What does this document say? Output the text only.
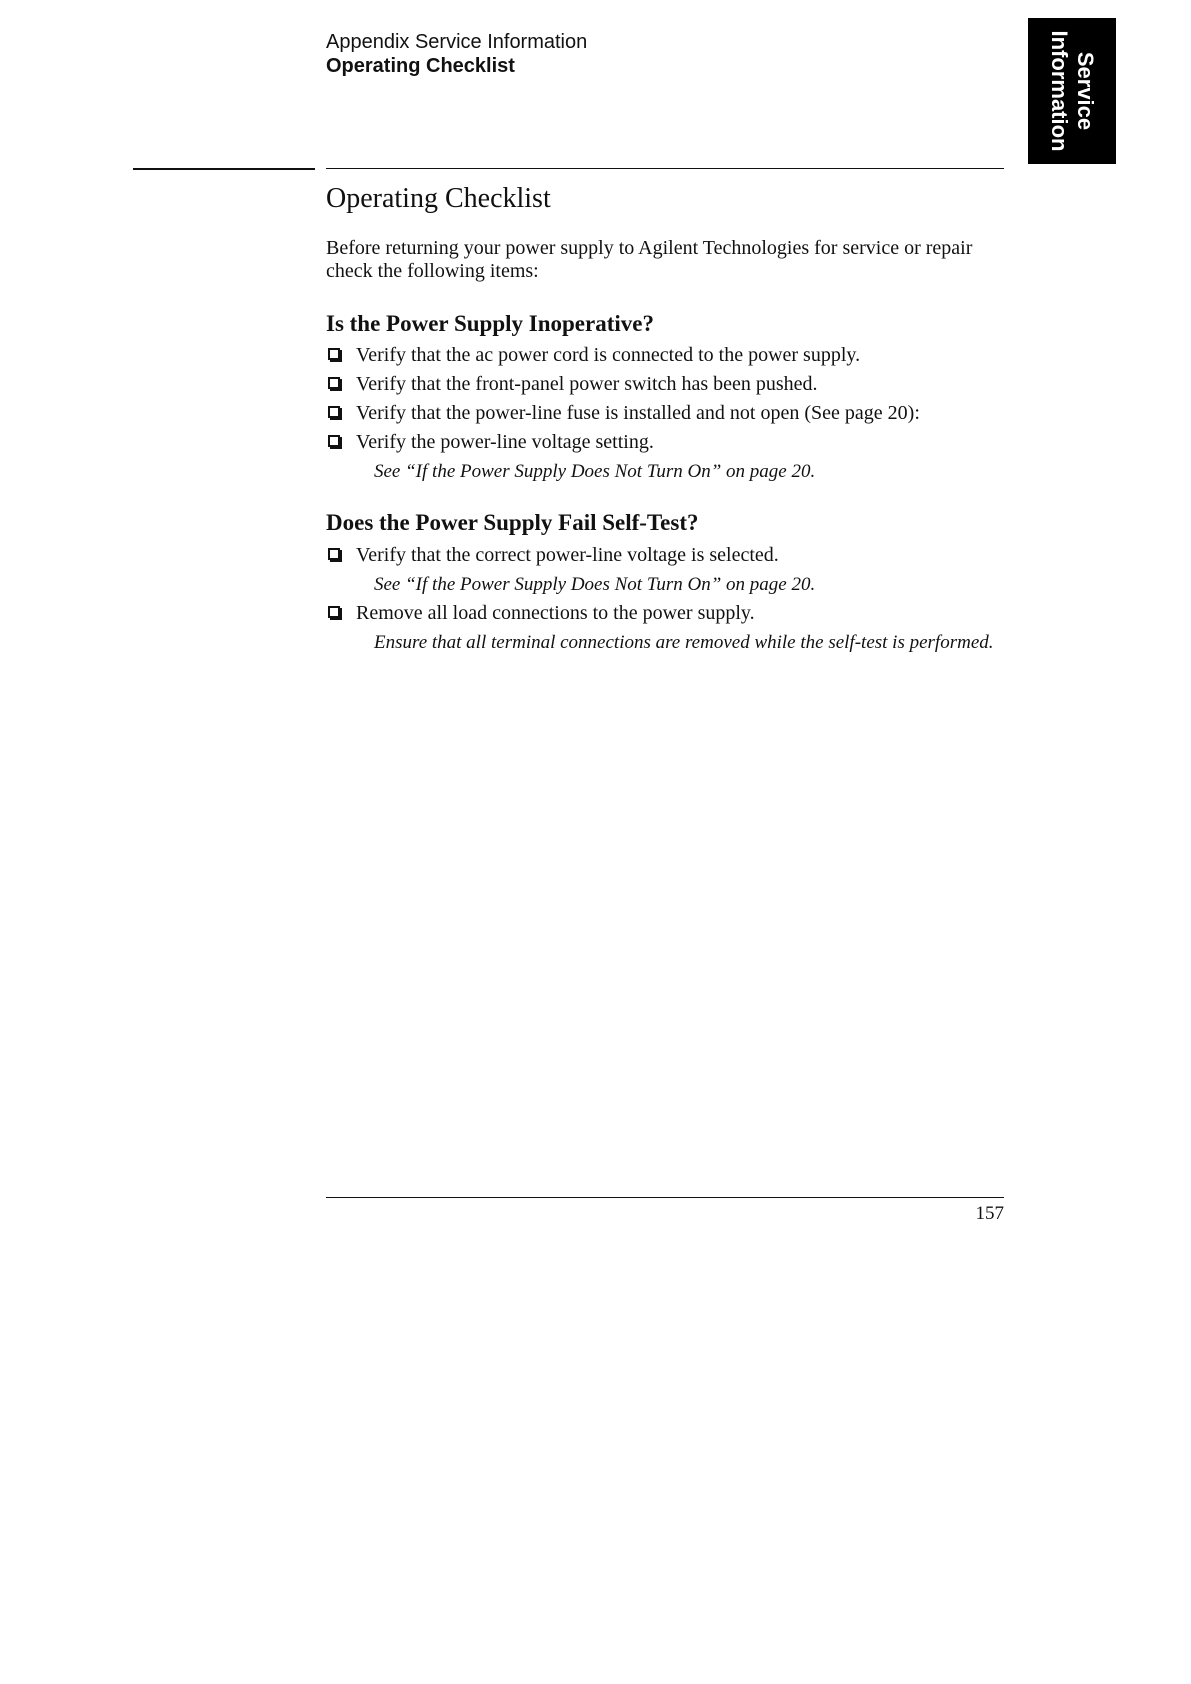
Appendix Service Information
Operating Checklist	Service
Information
Operating Checklist
Before returning your power supply to Agilent Technologies for service or repair check the following items:
Is the Power Supply Inoperative?
Verify that the ac power cord is connected to the power supply.
Verify that the front-panel power switch has been pushed.
Verify that the power-line fuse is installed and not open (See page 20):
Verify the power-line voltage setting.
See “If the Power Supply Does Not Turn On” on page 20.
Does the Power Supply Fail Self-Test?
Verify that the correct power-line voltage is selected.
See “If the Power Supply Does Not Turn On” on page 20.
Remove all load connections to the power supply.
Ensure that all terminal connections are removed while the self-test is performed.
157
